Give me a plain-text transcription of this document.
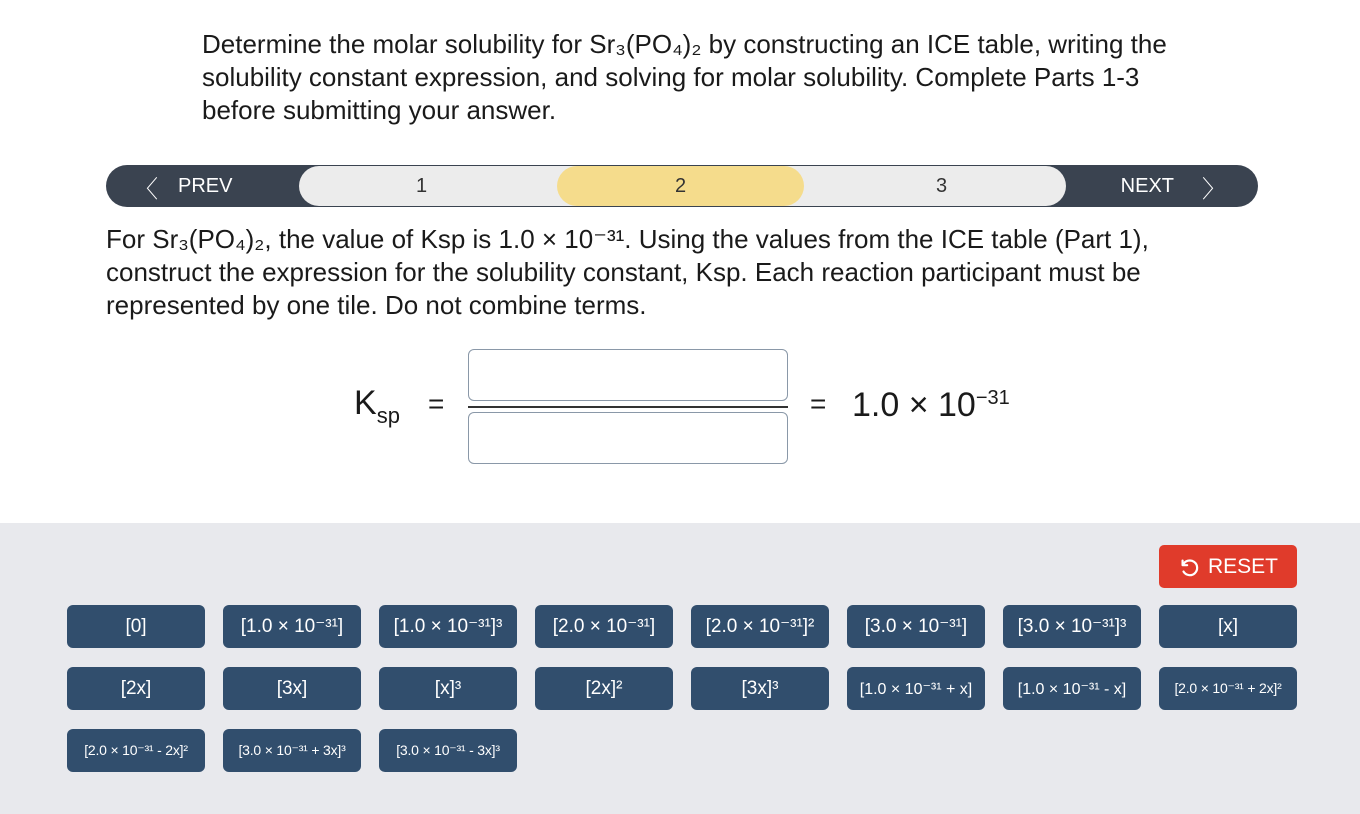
Determine the molar solubility for Sr₃(PO₄)₂ by constructing an ICE table, writing the solubility constant expression, and solving for molar solubility. Complete Parts 1-3 before submitting your answer.
〈 PREV	1	2	3	NEXT 〉
For Sr₃(PO₄)₂, the value of Ksp is 1.0 × 10⁻³¹. Using the values from the ICE table (Part 1), construct the expression for the solubility constant, Ksp. Each reaction participant must be represented by one tile. Do not combine terms.
$K_{sp}$ =	= $1.0 \times 10^{-31}$
RESET
[0]	[1.0 × 10⁻³¹]	[1.0 × 10⁻³¹]³	[2.0 × 10⁻³¹]	[2.0 × 10⁻³¹]²	[3.0 × 10⁻³¹]	[3.0 × 10⁻³¹]³	[x]
[2x]	[3x]	[x]³	[2x]²	[3x]³	[1.0 × 10⁻³¹ + x]	[1.0 × 10⁻³¹ - x]	[2.0 × 10⁻³¹ + 2x]²
[2.0 × 10⁻³¹ - 2x]²	[3.0 × 10⁻³¹ + 3x]³	[3.0 × 10⁻³¹ - 3x]³
